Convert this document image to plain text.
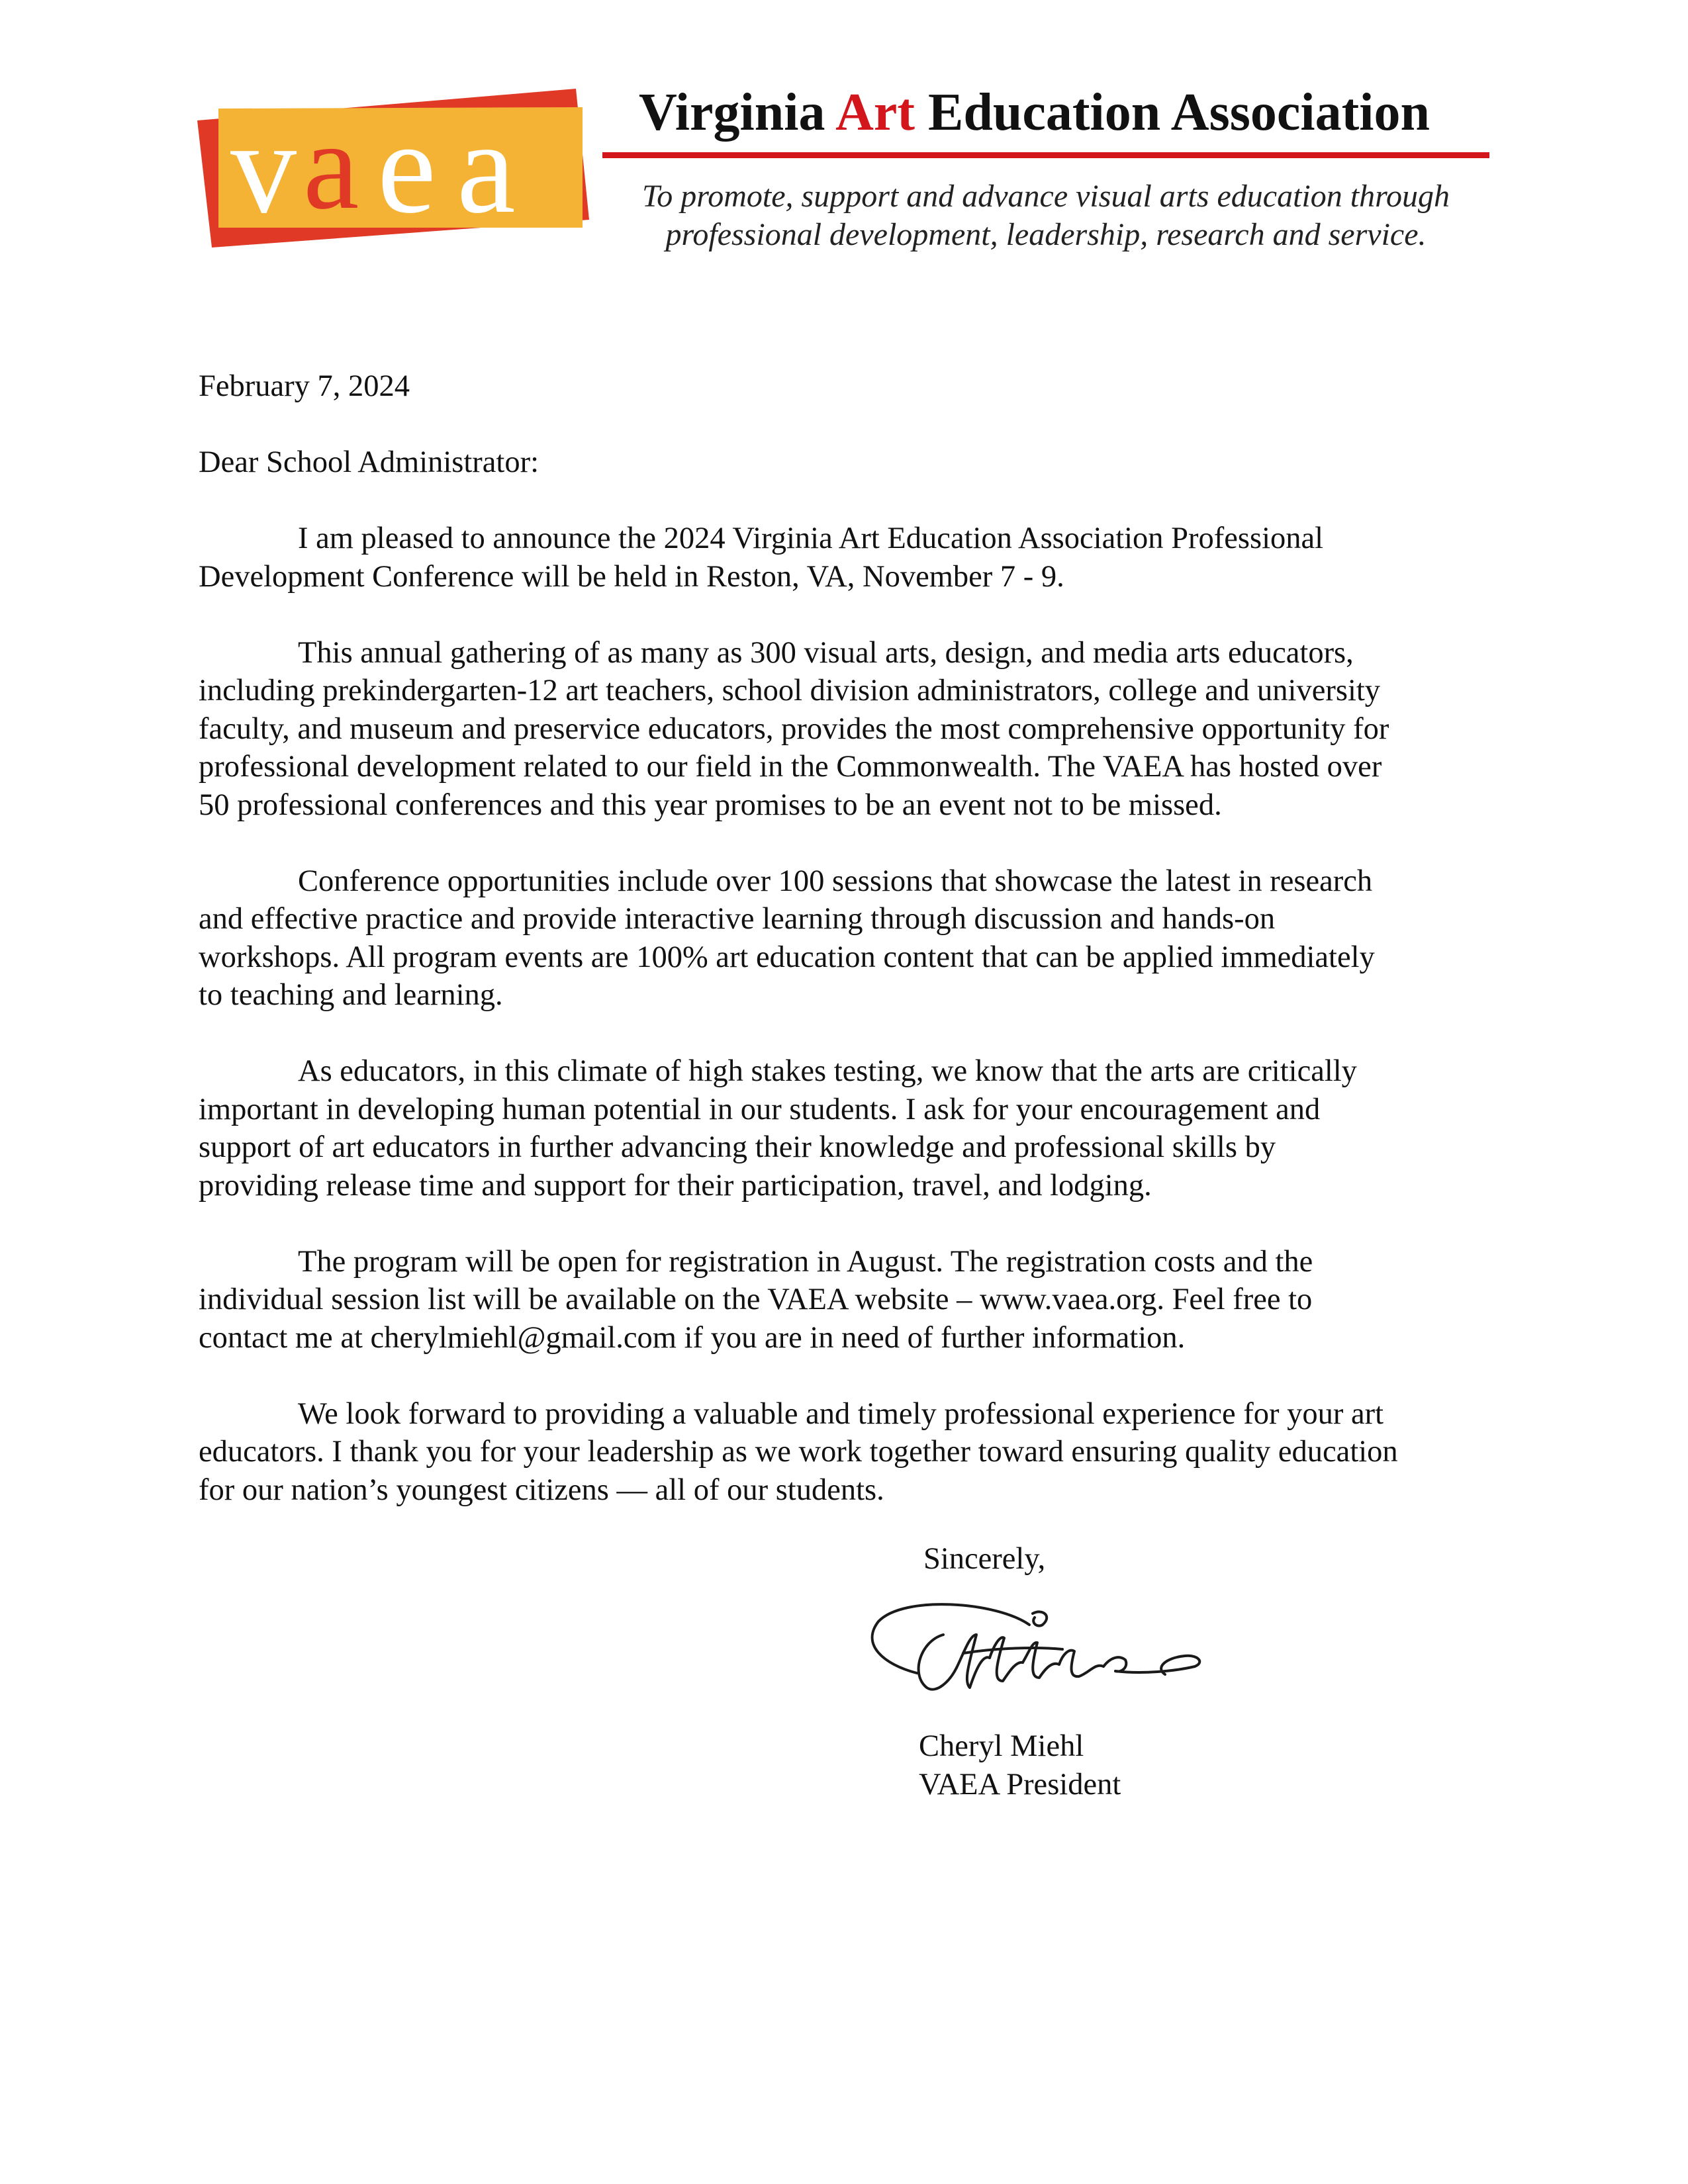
v a e a Virginia Art Education Association
To promote, support and advance visual arts education through
professional development, leadership, research and service.

February 7, 2024

Dear School Administrator:

I am pleased to announce the 2024 Virginia Art Education Association Professional
Development Conference will be held in Reston, VA, November 7 - 9.

This annual gathering of as many as 300 visual arts, design, and media arts educators,
including prekindergarten-12 art teachers, school division administrators, college and university
faculty, and museum and preservice educators, provides the most comprehensive opportunity for
professional development related to our field in the Commonwealth. The VAEA has hosted over
50 professional conferences and this year promises to be an event not to be missed.

Conference opportunities include over 100 sessions that showcase the latest in research
and effective practice and provide interactive learning through discussion and hands-on
workshops. All program events are 100% art education content that can be applied immediately
to teaching and learning.

As educators, in this climate of high stakes testing, we know that the arts are critically
important in developing human potential in our students. I ask for your encouragement and
support of art educators in further advancing their knowledge and professional skills by
providing release time and support for their participation, travel, and lodging.

The program will be open for registration in August. The registration costs and the
individual session list will be available on the VAEA website – www.vaea.org. Feel free to
contact me at cherylmiehl@gmail.com if you are in need of further information.

We look forward to providing a valuable and timely professional experience for your art
educators. I thank you for your leadership as we work together toward ensuring quality education
for our nation’s youngest citizens — all of our students.

Sincerely,
Cheryl Miehl
VAEA President
